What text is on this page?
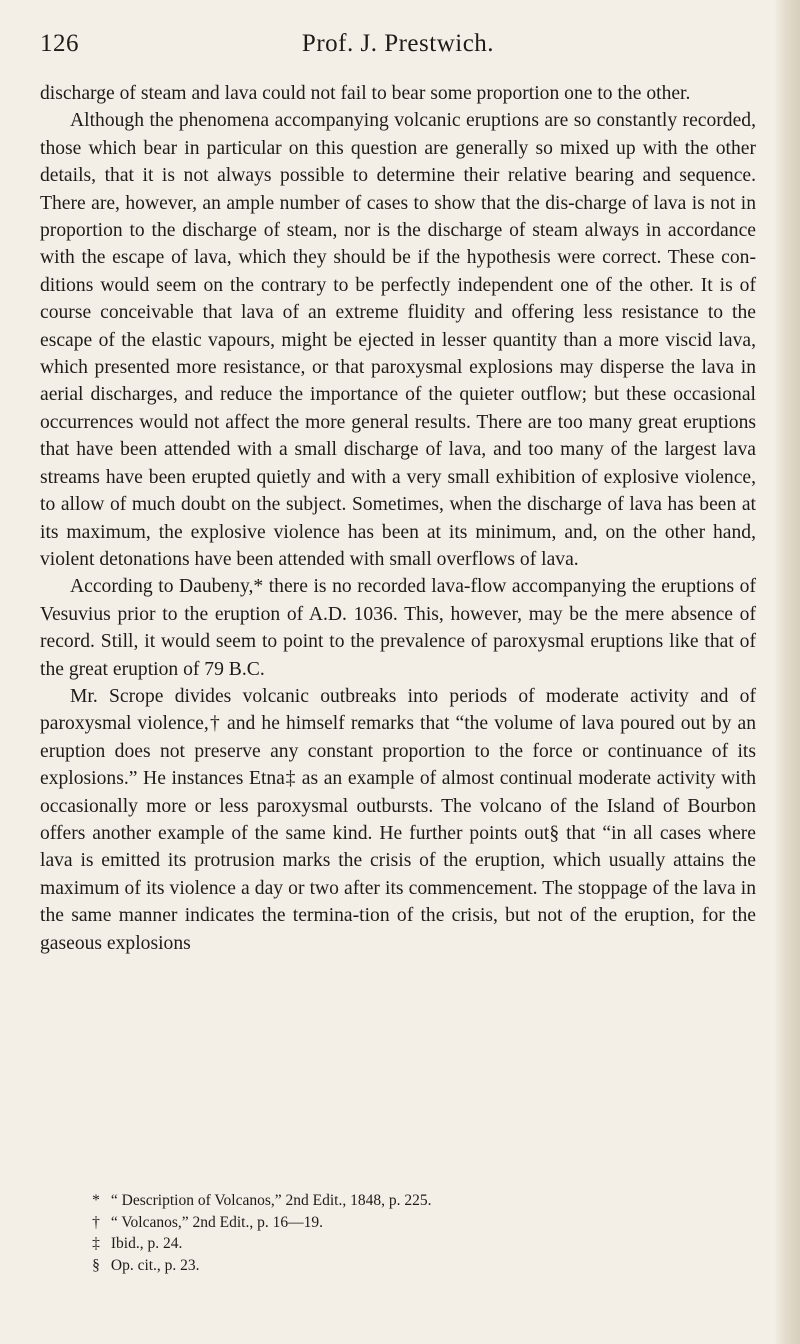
126	Prof. J. Prestwich.

discharge of steam and lava could not fail to bear some proportion one to the other.

Although the phenomena accompanying volcanic eruptions are so constantly recorded, those which bear in particular on this question are generally so mixed up with the other details, that it is not always possible to determine their relative bearing and sequence. There are, however, an ample number of cases to show that the dis-charge of lava is not in proportion to the discharge of steam, nor is the discharge of steam always in accordance with the escape of lava, which they should be if the hypothesis were correct. These con-ditions would seem on the contrary to be perfectly independent one of the other. It is of course conceivable that lava of an extreme fluidity and offering less resistance to the escape of the elastic vapours, might be ejected in lesser quantity than a more viscid lava, which presented more resistance, or that paroxysmal explosions may disperse the lava in aerial discharges, and reduce the importance of the quieter outflow; but these occasional occurrences would not affect the more general results. There are too many great eruptions that have been attended with a small discharge of lava, and too many of the largest lava streams have been erupted quietly and with a very small exhibition of explosive violence, to allow of much doubt on the subject. Sometimes, when the discharge of lava has been at its maximum, the explosive violence has been at its minimum, and, on the other hand, violent detonations have been attended with small overflows of lava.

According to Daubeny,* there is no recorded lava-flow accompanying the eruptions of Vesuvius prior to the eruption of A.D. 1036. This, however, may be the mere absence of record. Still, it would seem to point to the prevalence of paroxysmal eruptions like that of the great eruption of 79 B.C.

Mr. Scrope divides volcanic outbreaks into periods of moderate activity and of paroxysmal violence,† and he himself remarks that “the volume of lava poured out by an eruption does not preserve any constant proportion to the force or continuance of its explosions.” He instances Etna‡ as an example of almost continual moderate activity with occasionally more or less paroxysmal outbursts. The volcano of the Island of Bourbon offers another example of the same kind. He further points out§ that “in all cases where lava is emitted its protrusion marks the crisis of the eruption, which usually attains the maximum of its violence a day or two after its commencement. The stoppage of the lava in the same manner indicates the termina-tion of the crisis, but not of the eruption, for the gaseous explosions

* “ Description of Volcanos,” 2nd Edit., 1848, p. 225.

† “ Volcanos,” 2nd Edit., p. 16—19.

‡ Ibid., p. 24.

§ Op. cit., p. 23.
